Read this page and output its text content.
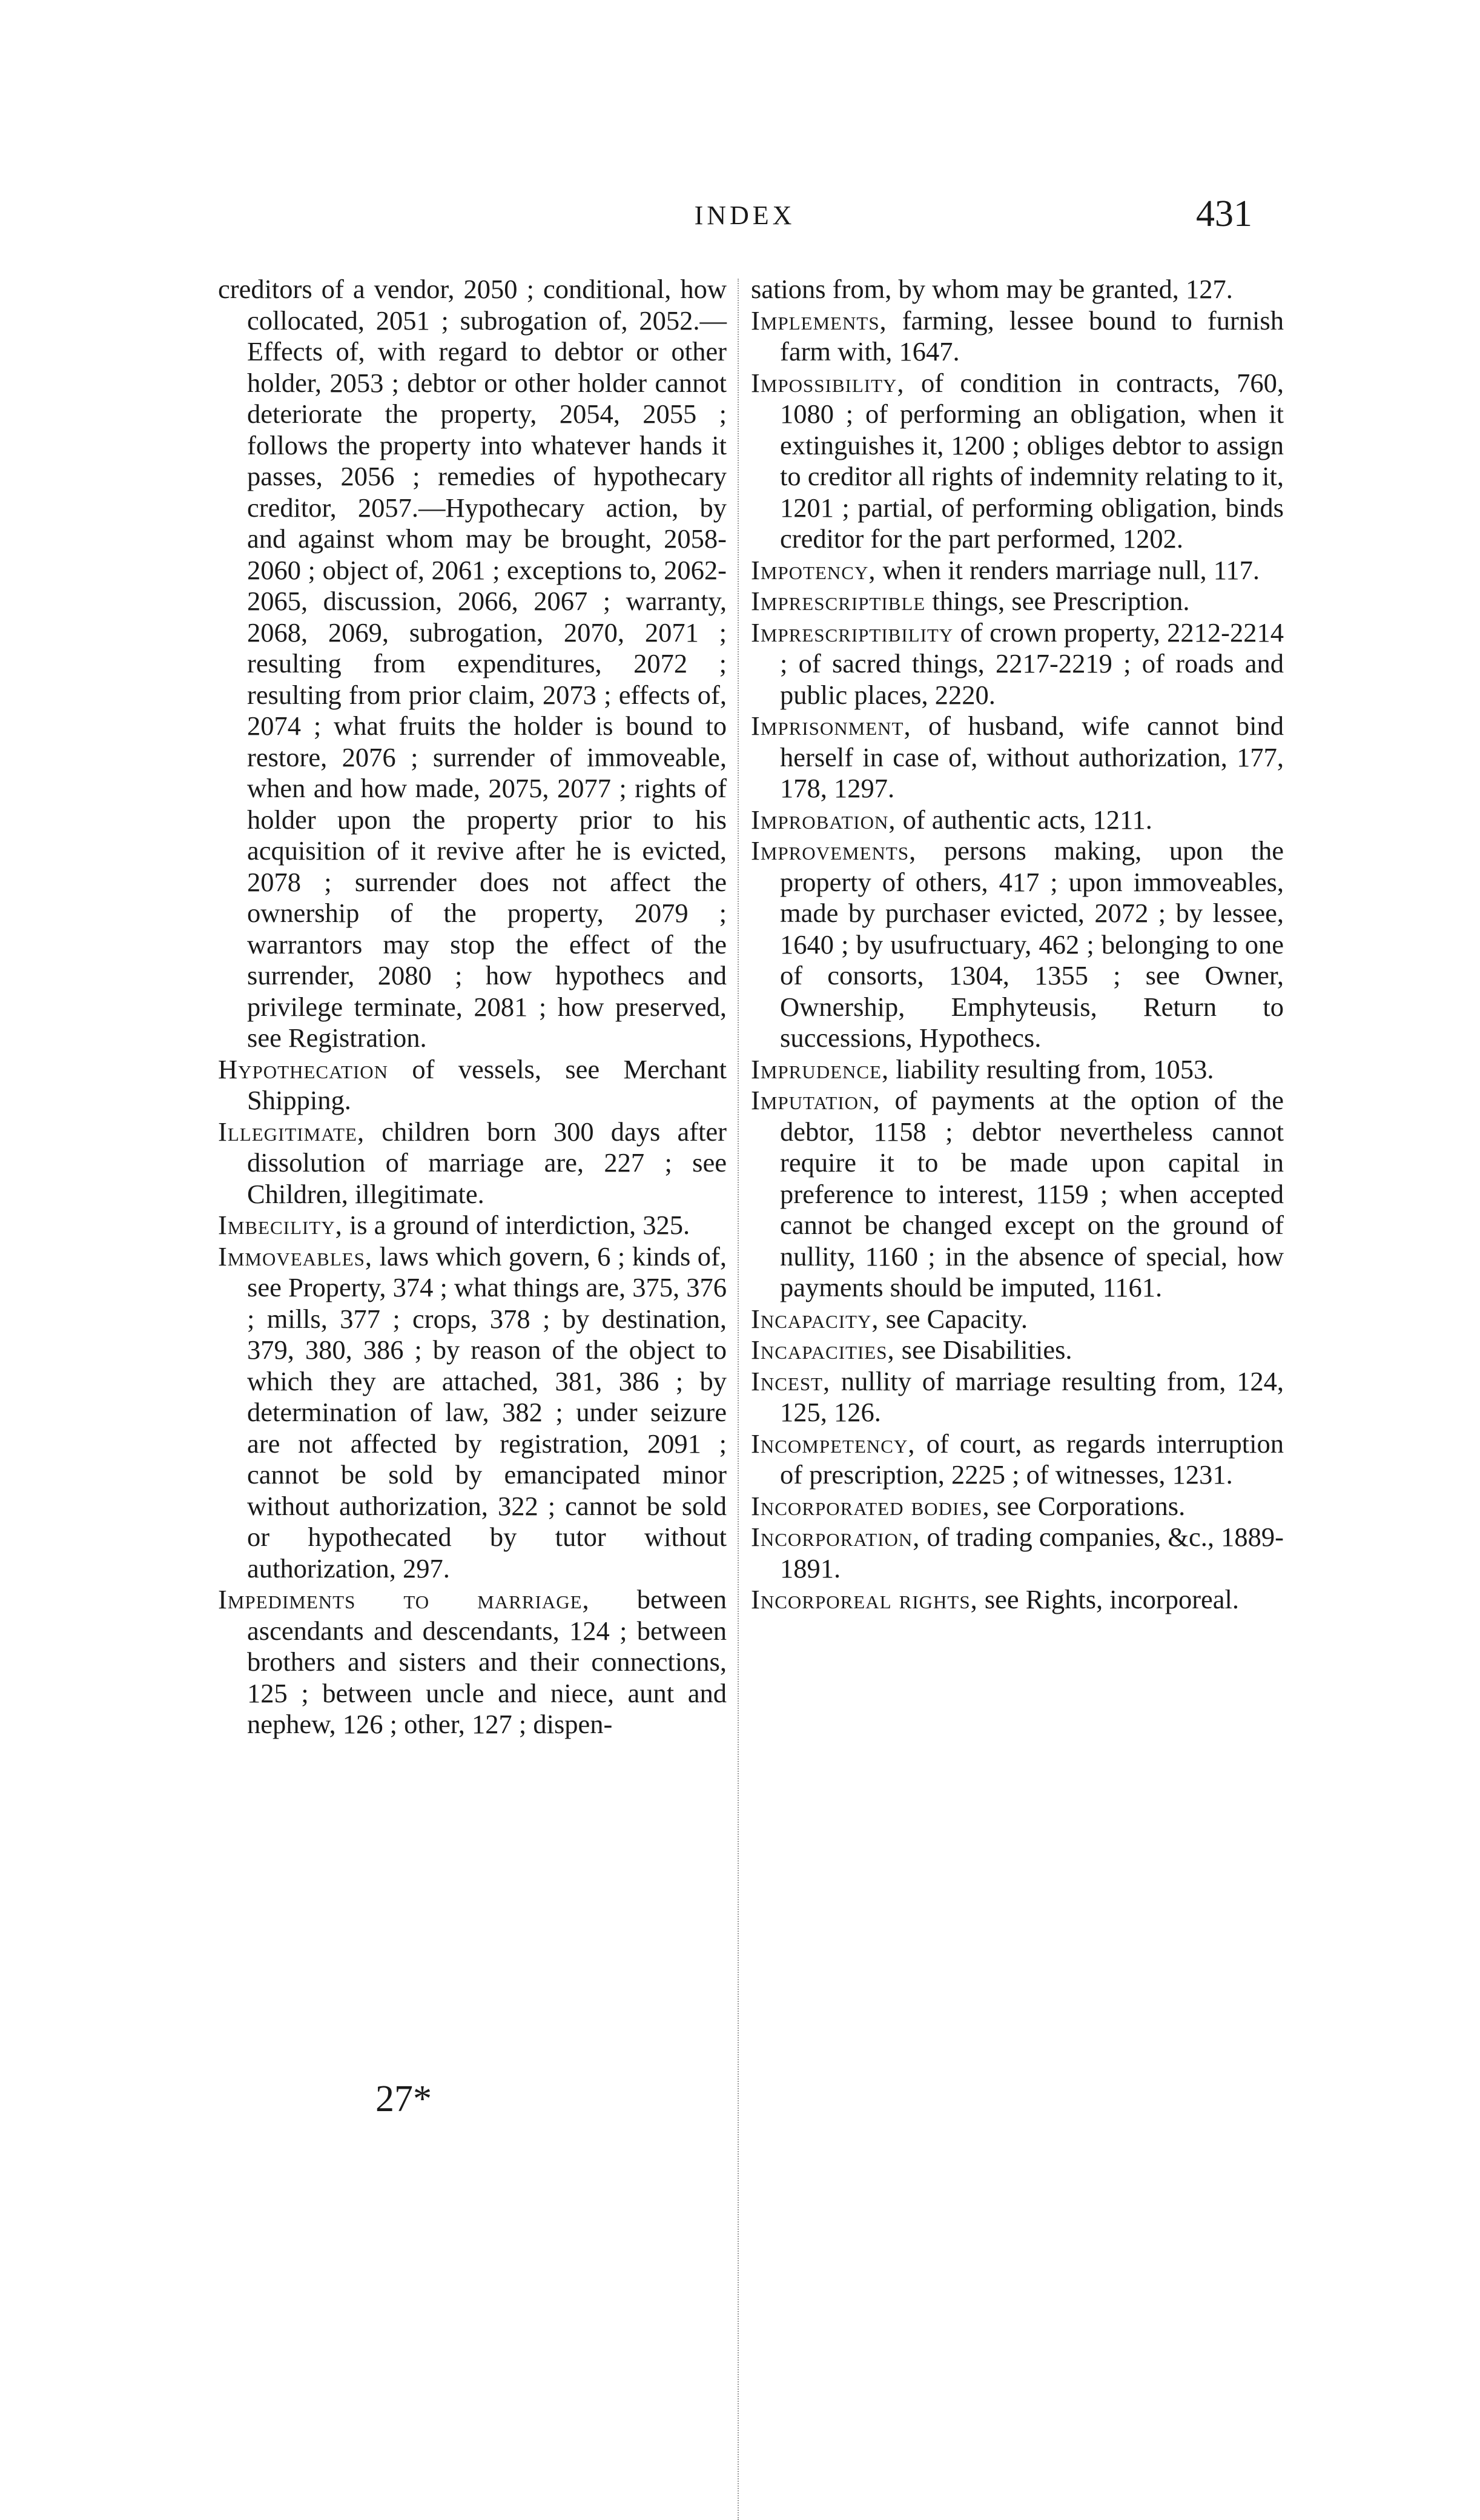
INDEX	431

creditors of a vendor, 2050 ; conditional, how collocated, 2051 ; subrogation of, 2052.—Effects of, with regard to debtor or other holder, 2053 ; debtor or other holder cannot deteriorate the property, 2054, 2055 ; follows the property into whatever hands it passes, 2056 ; remedies of hypothecary creditor, 2057.—Hypothecary action, by and against whom may be brought, 2058-2060 ; object of, 2061 ; exceptions to, 2062-2065, discussion, 2066, 2067 ; warranty, 2068, 2069, subrogation, 2070, 2071 ; resulting from expenditures, 2072 ; resulting from prior claim, 2073 ; effects of, 2074 ; what fruits the holder is bound to restore, 2076 ; surrender of immoveable, when and how made, 2075, 2077 ; rights of holder upon the property prior to his acquisition of it revive after he is evicted, 2078 ; surrender does not affect the ownership of the property, 2079 ; warrantors may stop the effect of the surrender, 2080 ; how hypothecs and privilege terminate, 2081 ; how preserved, see Registration.

Hypothecation of vessels, see Merchant Shipping.

Illegitimate, children born 300 days after dissolution of marriage are, 227 ; see Children, illegitimate.

Imbecility, is a ground of interdiction, 325.

Immoveables, laws which govern, 6 ; kinds of, see Property, 374 ; what things are, 375, 376 ; mills, 377 ; crops, 378 ; by destination, 379, 380, 386 ; by reason of the object to which they are attached, 381, 386 ; by determination of law, 382 ; under seizure are not affected by registration, 2091 ; cannot be sold by emancipated minor without authorization, 322 ; cannot be sold or hypothecated by tutor without authorization, 297.

Impediments to marriage, between ascendants and descendants, 124 ; between brothers and sisters and their connections, 125 ; between uncle and niece, aunt and nephew, 126 ; other, 127 ; dispen-

sations from, by whom may be granted, 127.

Implements, farming, lessee bound to furnish farm with, 1647.

Impossibility, of condition in contracts, 760, 1080 ; of performing an obligation, when it extinguishes it, 1200 ; obliges debtor to assign to creditor all rights of indemnity relating to it, 1201 ; partial, of performing obligation, binds creditor for the part performed, 1202.

Impotency, when it renders marriage null, 117.

Imprescriptible things, see Prescription.

Imprescriptibility of crown property, 2212-2214 ; of sacred things, 2217-2219 ; of roads and public places, 2220.

Imprisonment, of husband, wife cannot bind herself in case of, without authorization, 177, 178, 1297.

Improbation, of authentic acts, 1211.

Improvements, persons making, upon the property of others, 417 ; upon immoveables, made by purchaser evicted, 2072 ; by lessee, 1640 ; by usufructuary, 462 ; belonging to one of consorts, 1304, 1355 ; see Owner, Ownership, Emphyteusis, Return to successions, Hypothecs.

Imprudence, liability resulting from, 1053.

Imputation, of payments at the option of the debtor, 1158 ; debtor nevertheless cannot require it to be made upon capital in preference to interest, 1159 ; when accepted cannot be changed except on the ground of nullity, 1160 ; in the absence of special, how payments should be imputed, 1161.

Incapacity, see Capacity.

Incapacities, see Disabilities.

Incest, nullity of marriage resulting from, 124, 125, 126.

Incompetency, of court, as regards interruption of prescription, 2225 ; of witnesses, 1231.

Incorporated bodies, see Corporations.

Incorporation, of trading companies, &c., 1889-1891.

Incorporeal rights, see Rights, incorporeal.

27*
